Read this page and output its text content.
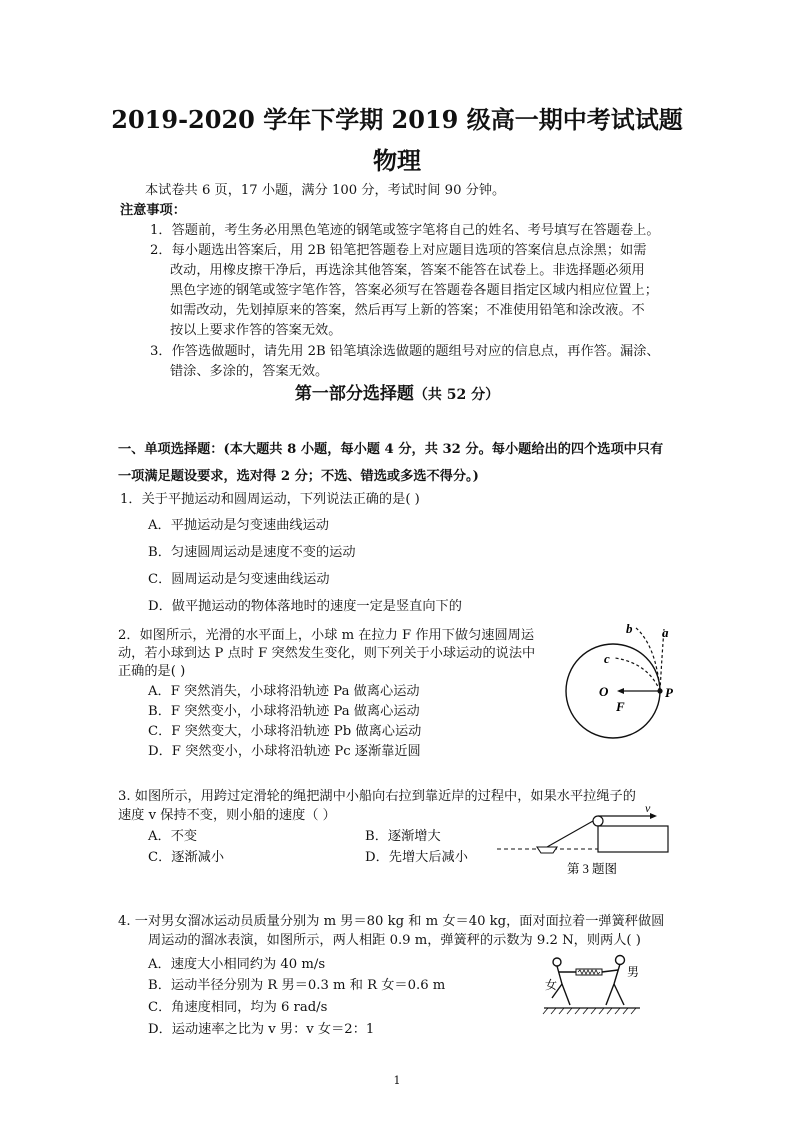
2019-2020 学年下学期 2019 级高一期中考试试题
物理
本试卷共 6 页，17 小题，满分 100 分，考试时间 90 分钟。
注意事项：
1．答题前，考生务必用黑色笔迹的钢笔或签字笔将自己的姓名、考号填写在答题卷上。
2．每小题选出答案后，用 2B 铅笔把答题卷上对应题目选项的答案信息点涂黑；如需
改动，用橡皮擦干净后，再选涂其他答案，答案不能答在试卷上。非选择题必须用
黑色字迹的钢笔或签字笔作答，答案必须写在答题卷各题目指定区域内相应位置上；
如需改动，先划掉原来的答案，然后再写上新的答案；不准使用铅笔和涂改液。不
按以上要求作答的答案无效。
3．作答选做题时，请先用 2B 铅笔填涂选做题的题组号对应的信息点，再作答。漏涂、
错涂、多涂的，答案无效。
第一部分选择题（共 52 分）
一、单项选择题：(本大题共 8 小题，每小题 4 分，共 32 分。每小题给出的四个选项中只有
一项满足题设要求，选对得 2 分；不选、错选或多选不得分。)
1．关于平抛运动和圆周运动，下列说法正确的是( )
A．平抛运动是匀变速曲线运动
B．匀速圆周运动是速度不变的运动
C．圆周运动是匀变速曲线运动
D．做平抛运动的物体落地时的速度一定是竖直向下的
2．如图所示，光滑的水平面上，小球 m 在拉力 F 作用下做匀速圆周运
动，若小球到达 P 点时 F 突然发生变化，则下列关于小球运动的说法中
正确的是( )
A．F 突然消失，小球将沿轨迹 Pa 做离心运动
B．F 突然变小，小球将沿轨迹 Pa 做离心运动
C．F 突然变大，小球将沿轨迹 Pb 做离心运动
D．F 突然变小，小球将沿轨迹 Pc 逐渐靠近圆
a
b
c
O	P
F
3. 如图所示，用跨过定滑轮的绳把湖中小船向右拉到靠近岸的过程中，如果水平拉绳子的
速度 v 保持不变，则小船的速度（ ）
A．不变	B．逐渐增大
C．逐渐减小	D．先增大后减小
v
第 3 题图
4. 一对男女溜冰运动员质量分别为 m 男＝80 kg 和 m 女＝40 kg，面对面拉着一弹簧秤做圆
周运动的溜冰表演，如图所示，两人相距 0.9 m，弹簧秤的示数为 9.2 N，则两人( )
A．速度大小相同约为 40 m/s
B．运动半径分别为 R 男＝0.3 m 和 R 女＝0.6 m
C．角速度相同，均为 6 rad/s
D．运动速率之比为 v 男：v 女＝2：1
女
男
1
